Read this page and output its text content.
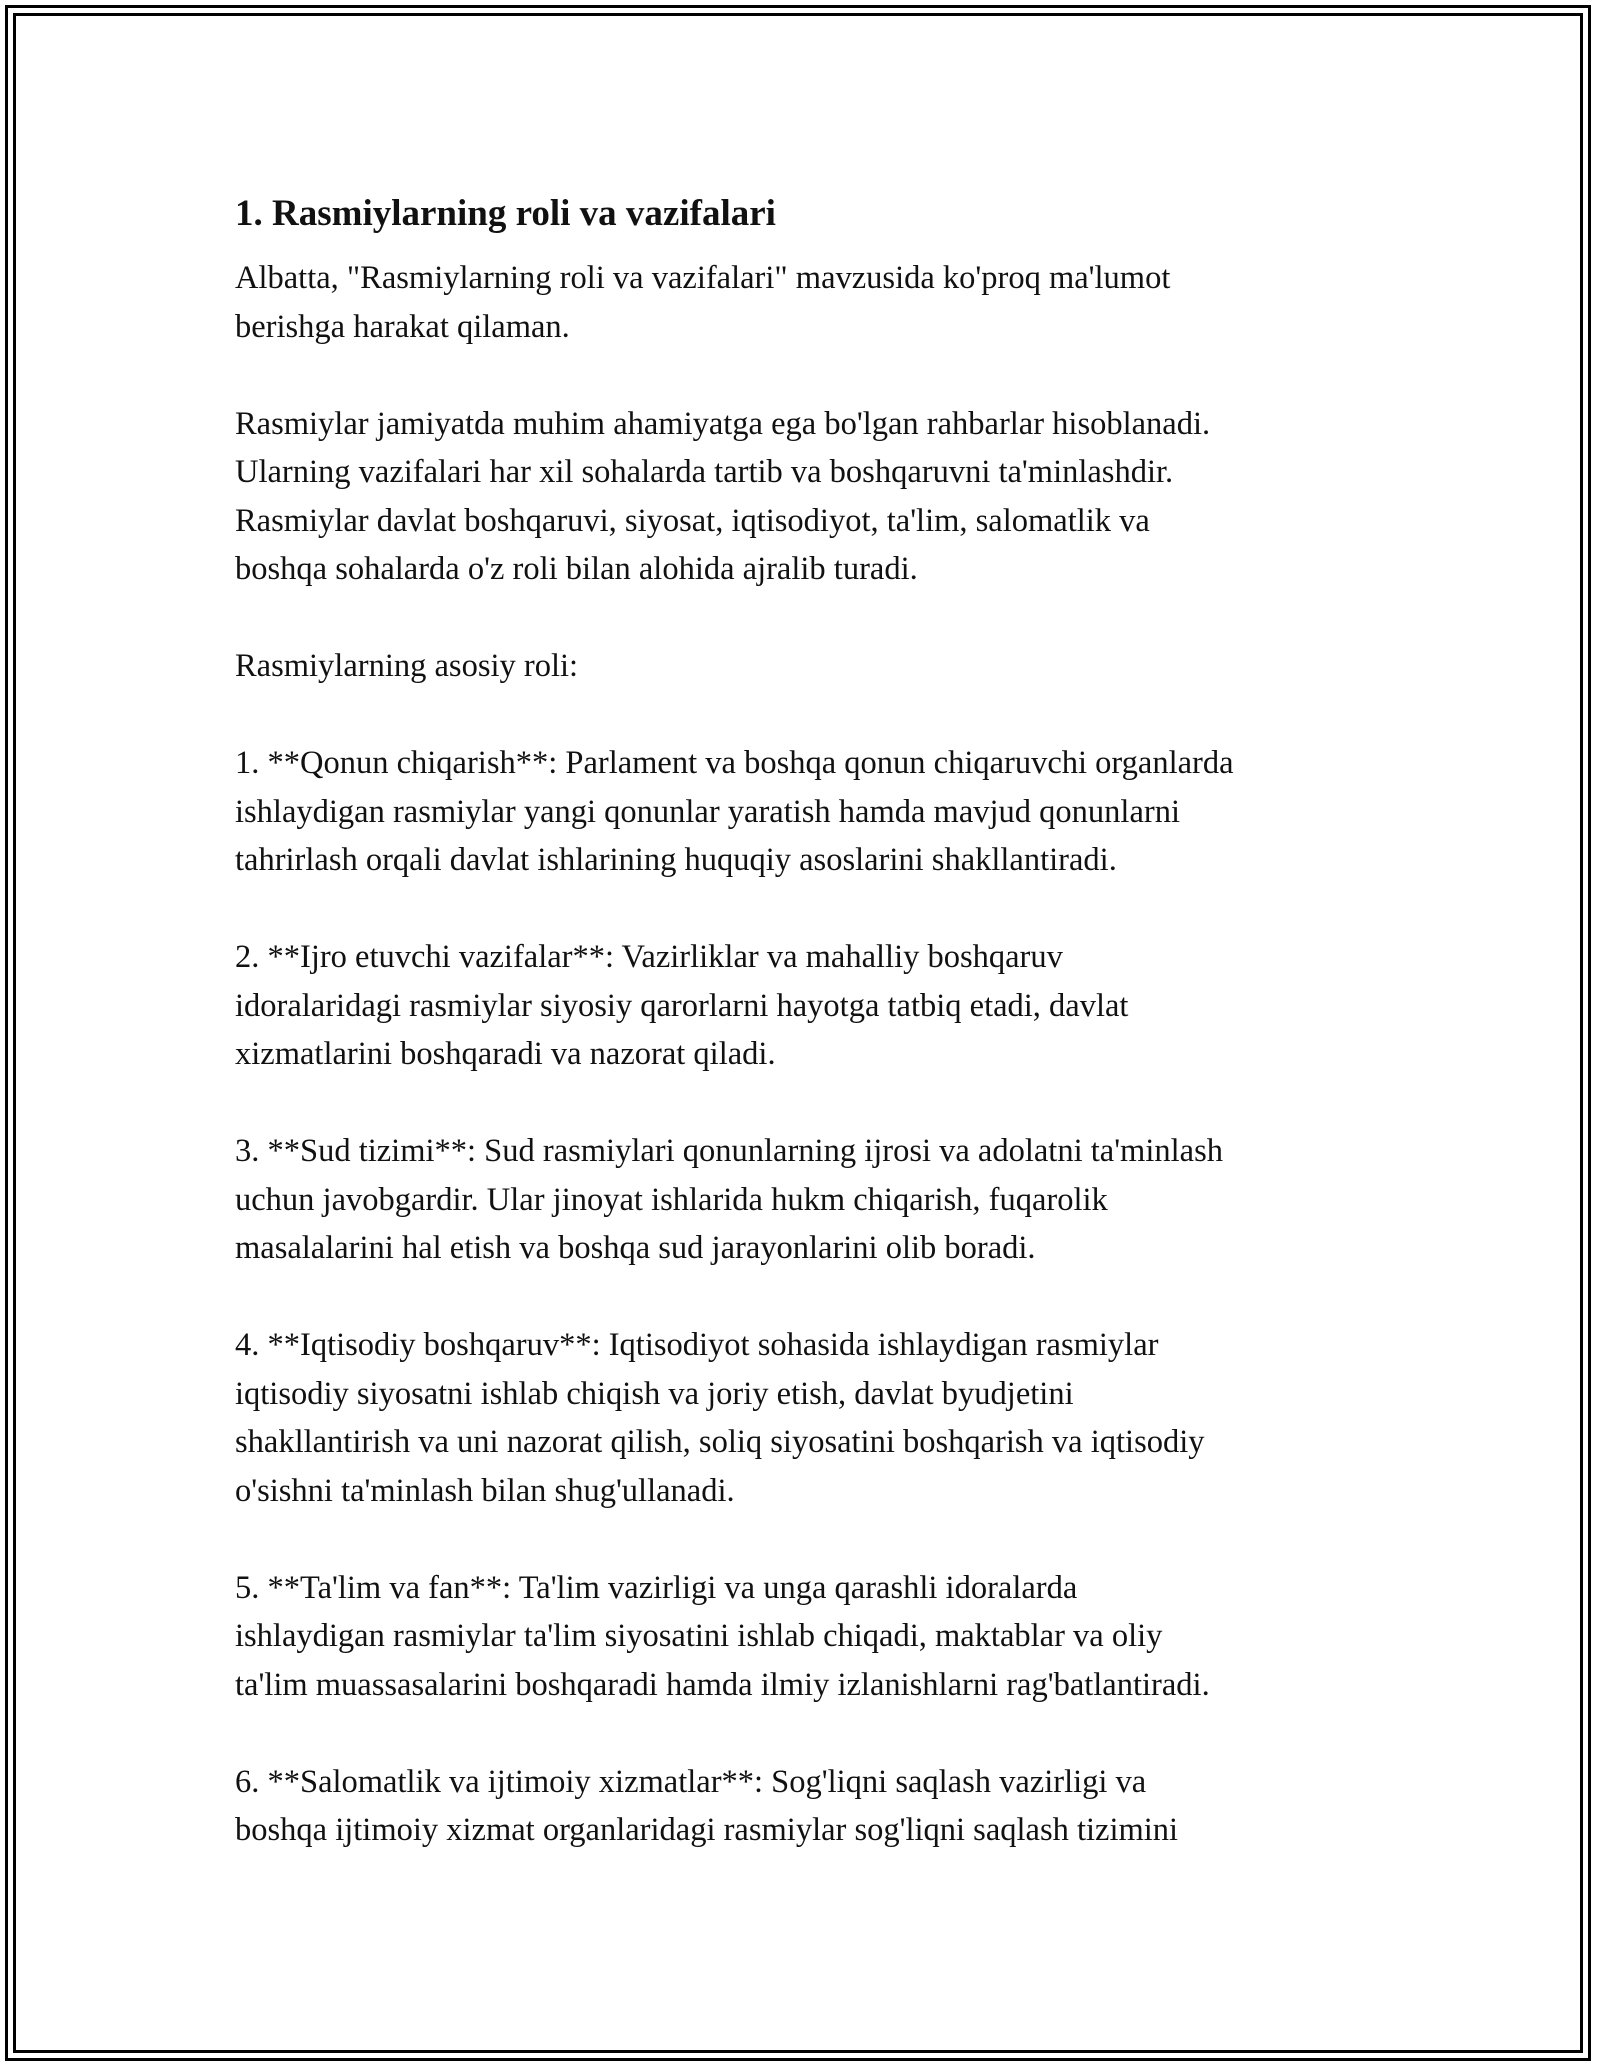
1. Rasmiylarning roli va vazifalari

Albatta, "Rasmiylarning roli va vazifalari" mavzusida ko'proq ma'lumot
berishga harakat qilaman.

Rasmiylar jamiyatda muhim ahamiyatga ega bo'lgan rahbarlar hisoblanadi.
Ularning vazifalari har xil sohalarda tartib va boshqaruvni ta'minlashdir.
Rasmiylar davlat boshqaruvi, siyosat, iqtisodiyot, ta'lim, salomatlik va
boshqa sohalarda o'z roli bilan alohida ajralib turadi.

Rasmiylarning asosiy roli:

1. **Qonun chiqarish**: Parlament va boshqa qonun chiqaruvchi organlarda
ishlaydigan rasmiylar yangi qonunlar yaratish hamda mavjud qonunlarni
tahrirlash orqali davlat ishlarining huquqiy asoslarini shakllantiradi.

2. **Ijro etuvchi vazifalar**: Vazirliklar va mahalliy boshqaruv
idoralaridagi rasmiylar siyosiy qarorlarni hayotga tatbiq etadi, davlat
xizmatlarini boshqaradi va nazorat qiladi.

3. **Sud tizimi**: Sud rasmiylari qonunlarning ijrosi va adolatni ta'minlash
uchun javobgardir. Ular jinoyat ishlarida hukm chiqarish, fuqarolik
masalalarini hal etish va boshqa sud jarayonlarini olib boradi.

4. **Iqtisodiy boshqaruv**: Iqtisodiyot sohasida ishlaydigan rasmiylar
iqtisodiy siyosatni ishlab chiqish va joriy etish, davlat byudjetini
shakllantirish va uni nazorat qilish, soliq siyosatini boshqarish va iqtisodiy
o'sishni ta'minlash bilan shug'ullanadi.

5. **Ta'lim va fan**: Ta'lim vazirligi va unga qarashli idoralarda
ishlaydigan rasmiylar ta'lim siyosatini ishlab chiqadi, maktablar va oliy
ta'lim muassasalarini boshqaradi hamda ilmiy izlanishlarni rag'batlantiradi.

6. **Salomatlik va ijtimoiy xizmatlar**: Sog'liqni saqlash vazirligi va
boshqa ijtimoiy xizmat organlaridagi rasmiylar sog'liqni saqlash tizimini
